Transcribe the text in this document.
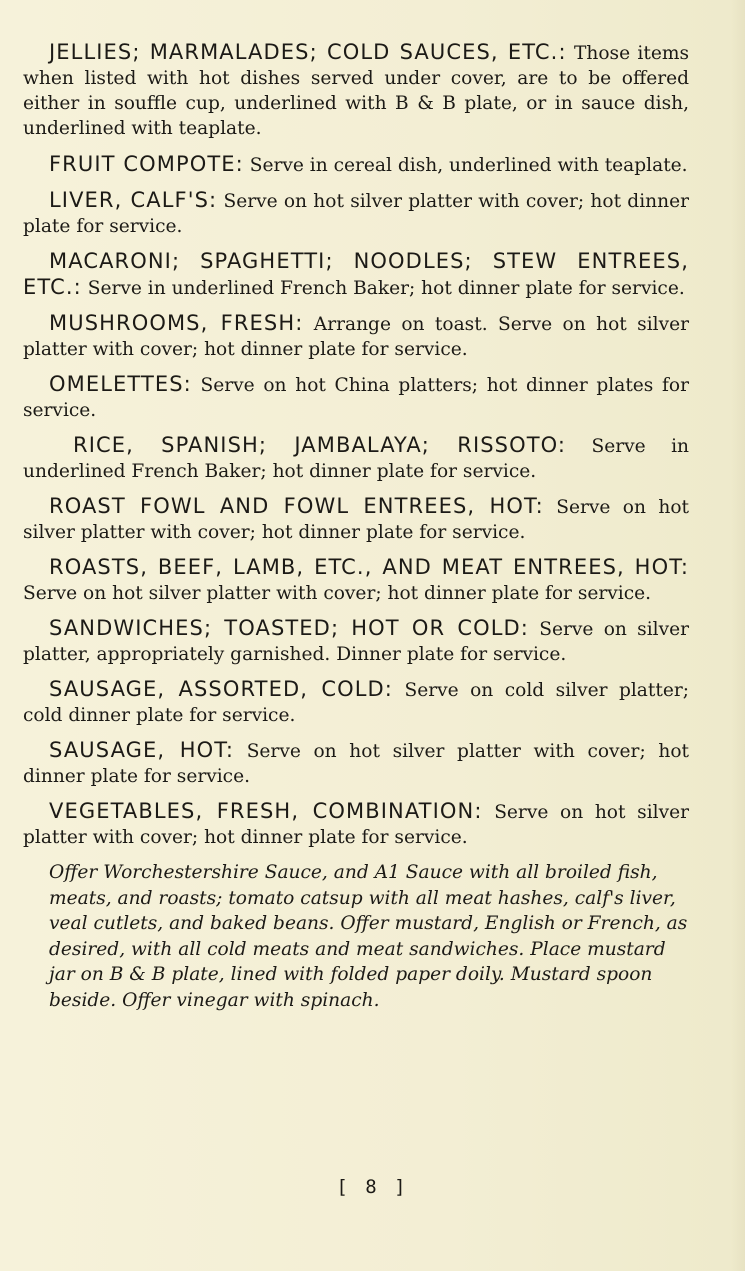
JELLIES; MARMALADES; COLD SAUCES, ETC.: Those items when listed with hot dishes served under cover, are to be offered either in souffle cup, underlined with B & B plate, or in sauce dish, underlined with teaplate.

FRUIT COMPOTE: Serve in cereal dish, underlined with teaplate.

LIVER, CALF'S: Serve on hot silver platter with cover; hot dinner plate for service.

MACARONI; SPAGHETTI; NOODLES; STEW ENTREES, ETC.: Serve in underlined French Baker; hot dinner plate for service.

MUSHROOMS, FRESH: Arrange on toast. Serve on hot silver platter with cover; hot dinner plate for service.

OMELETTES: Serve on hot China platters; hot dinner plates for service.

RICE, SPANISH; JAMBALAYA; RISSOTO: Serve in underlined French Baker; hot dinner plate for service.

ROAST FOWL AND FOWL ENTREES, HOT: Serve on hot silver platter with cover; hot dinner plate for service.

ROASTS, BEEF, LAMB, ETC., AND MEAT ENTREES, HOT: Serve on hot silver platter with cover; hot dinner plate for service.

SANDWICHES; TOASTED; HOT OR COLD: Serve on silver platter, appropriately garnished. Dinner plate for service.

SAUSAGE, ASSORTED, COLD: Serve on cold silver platter; cold dinner plate for service.

SAUSAGE, HOT: Serve on hot silver platter with cover; hot dinner plate for service.

VEGETABLES, FRESH, COMBINATION: Serve on hot silver platter with cover; hot dinner plate for service.

Offer Worchestershire Sauce, and A1 Sauce with all broiled fish, meats, and roasts; tomato catsup with all meat hashes, calf's liver, veal cutlets, and baked beans. Offer mustard, English or French, as desired, with all cold meats and meat sandwiches. Place mustard jar on B & B plate, lined with folded paper doily. Mustard spoon beside. Offer vinegar with spinach.

[ 8 ]
